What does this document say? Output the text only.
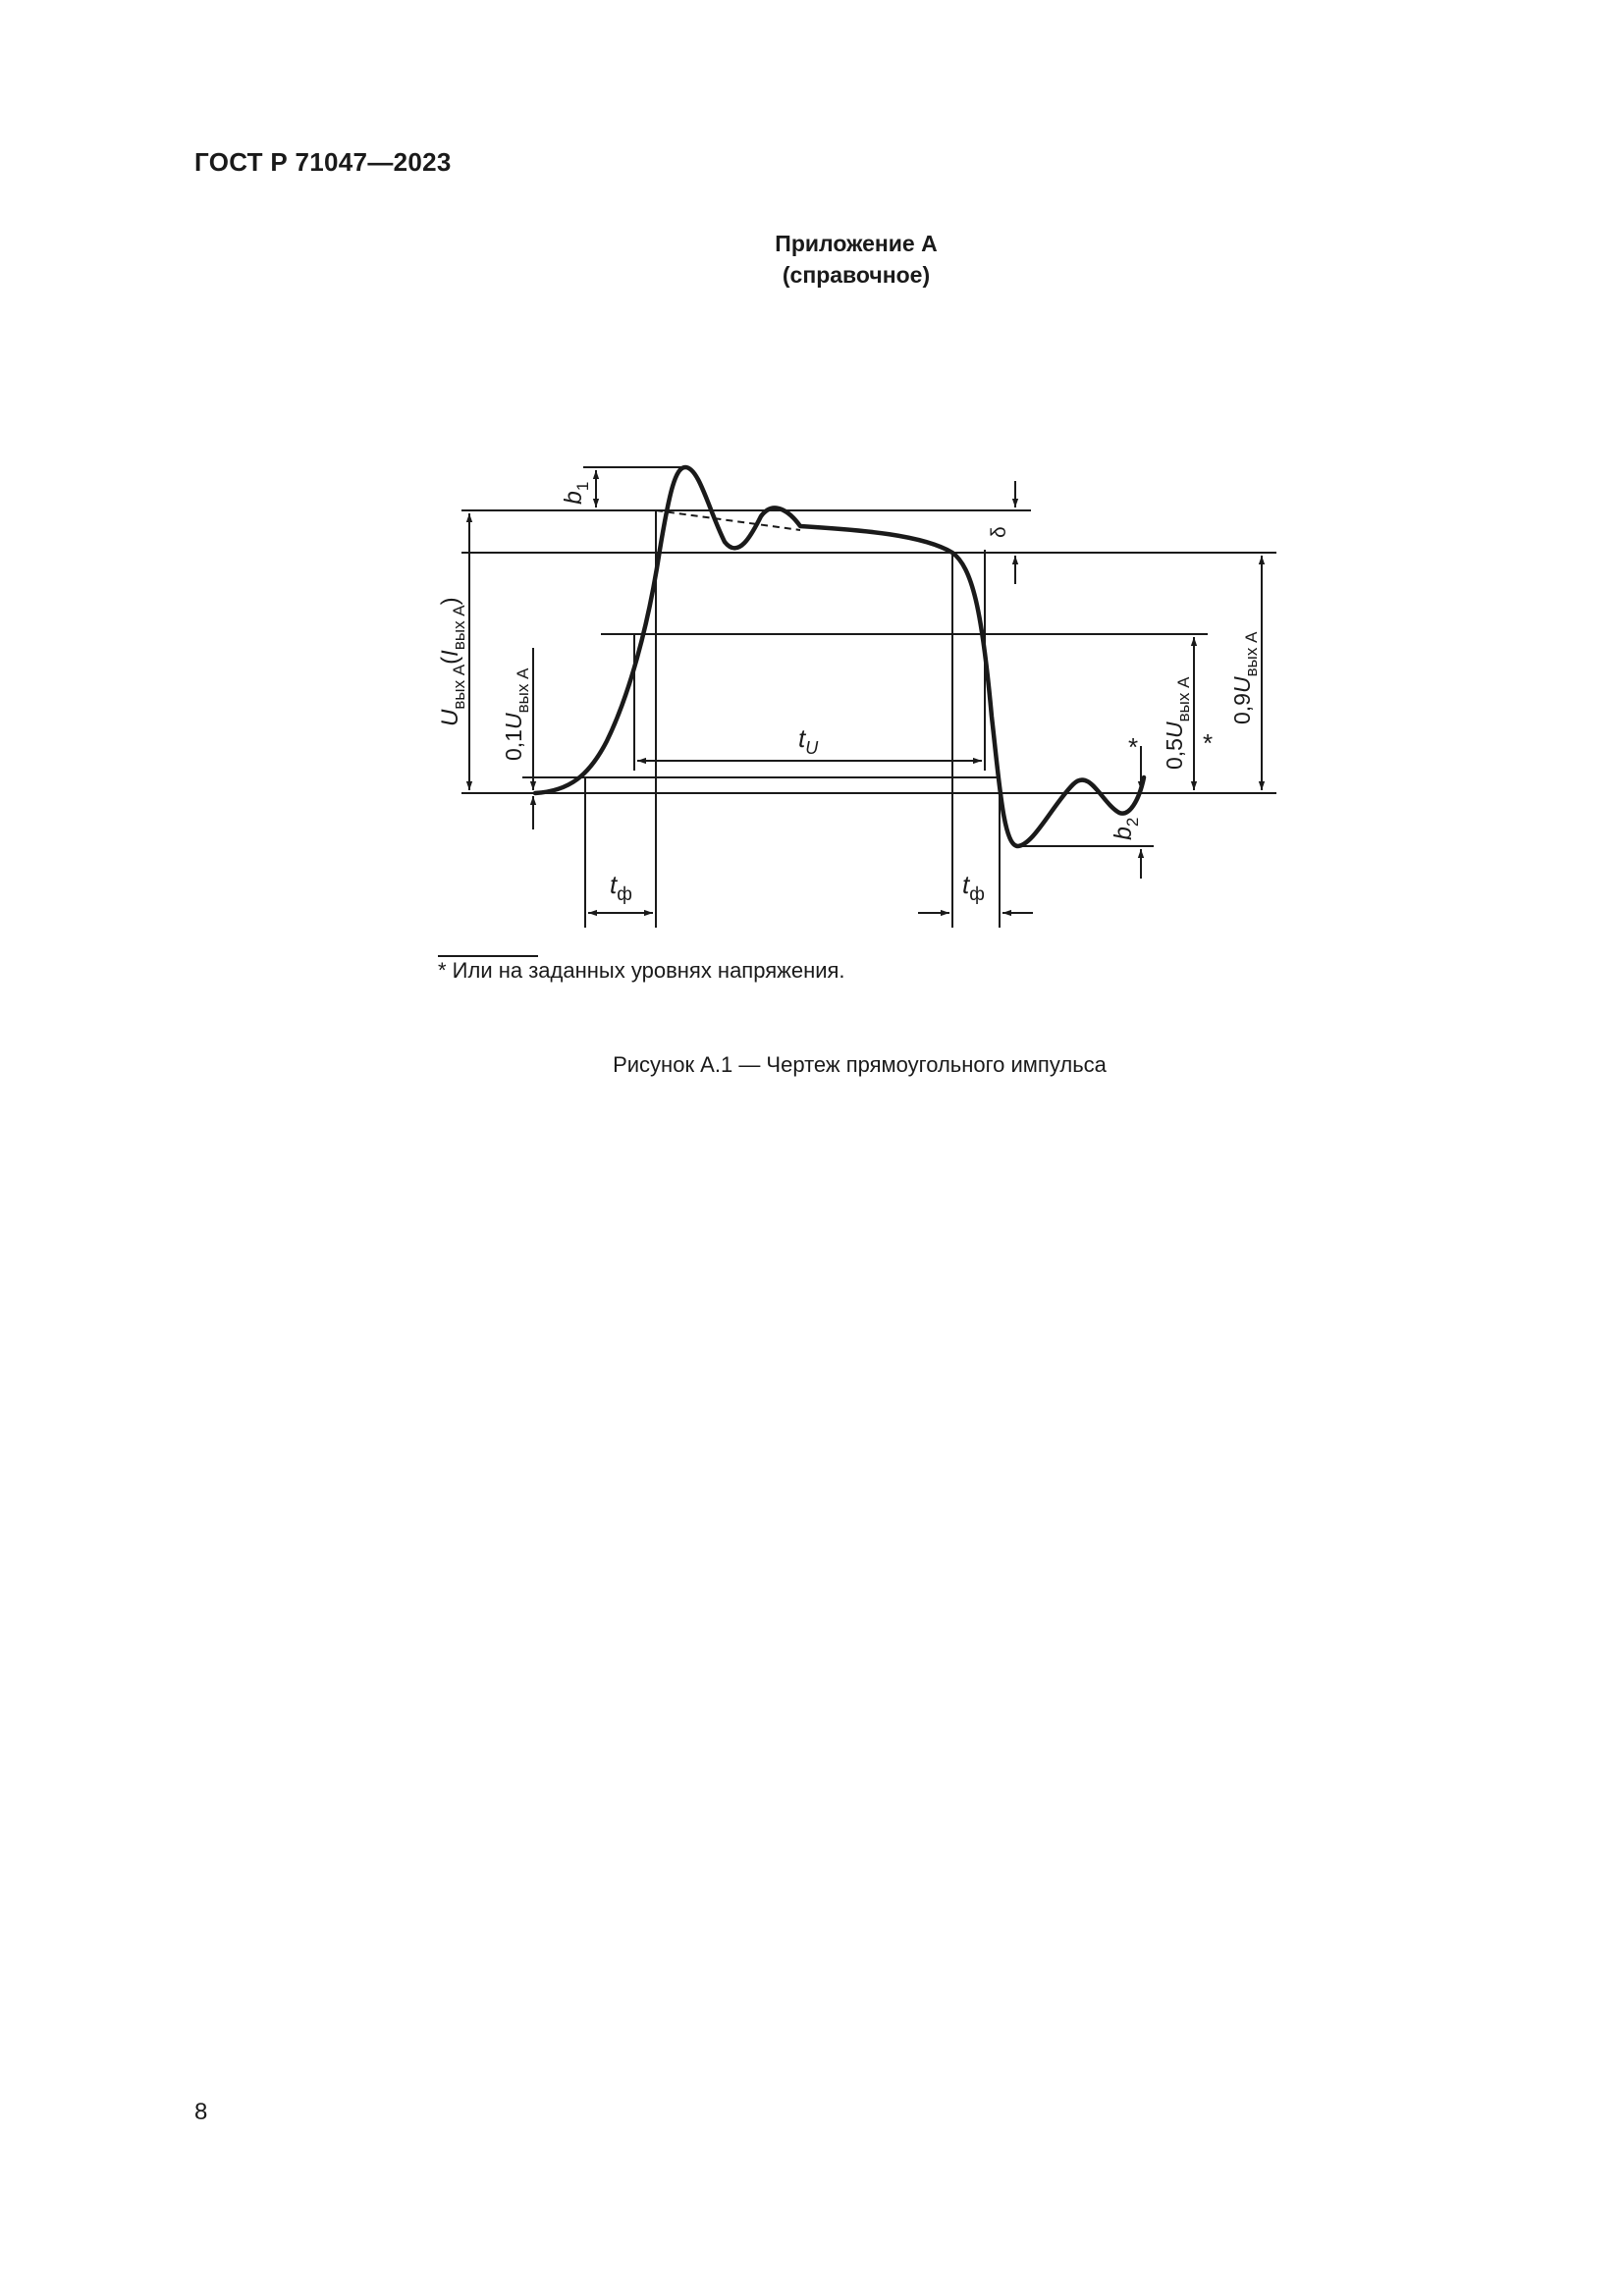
ГОСТ Р 71047—2023
Приложение А
(справочное)
$b_1$
δ
$t_U$
$t_ф$	$t_ф$
$b_2$
*	*
$U_{вых А}(I_{вых А})$
$0,1U_{вых А}$
$0,5U_{вых А}$ $0,9U_{вых А}$
* Или на заданных уровнях напряжения.
Рисунок А.1 — Чертеж прямоугольного импульса
8
